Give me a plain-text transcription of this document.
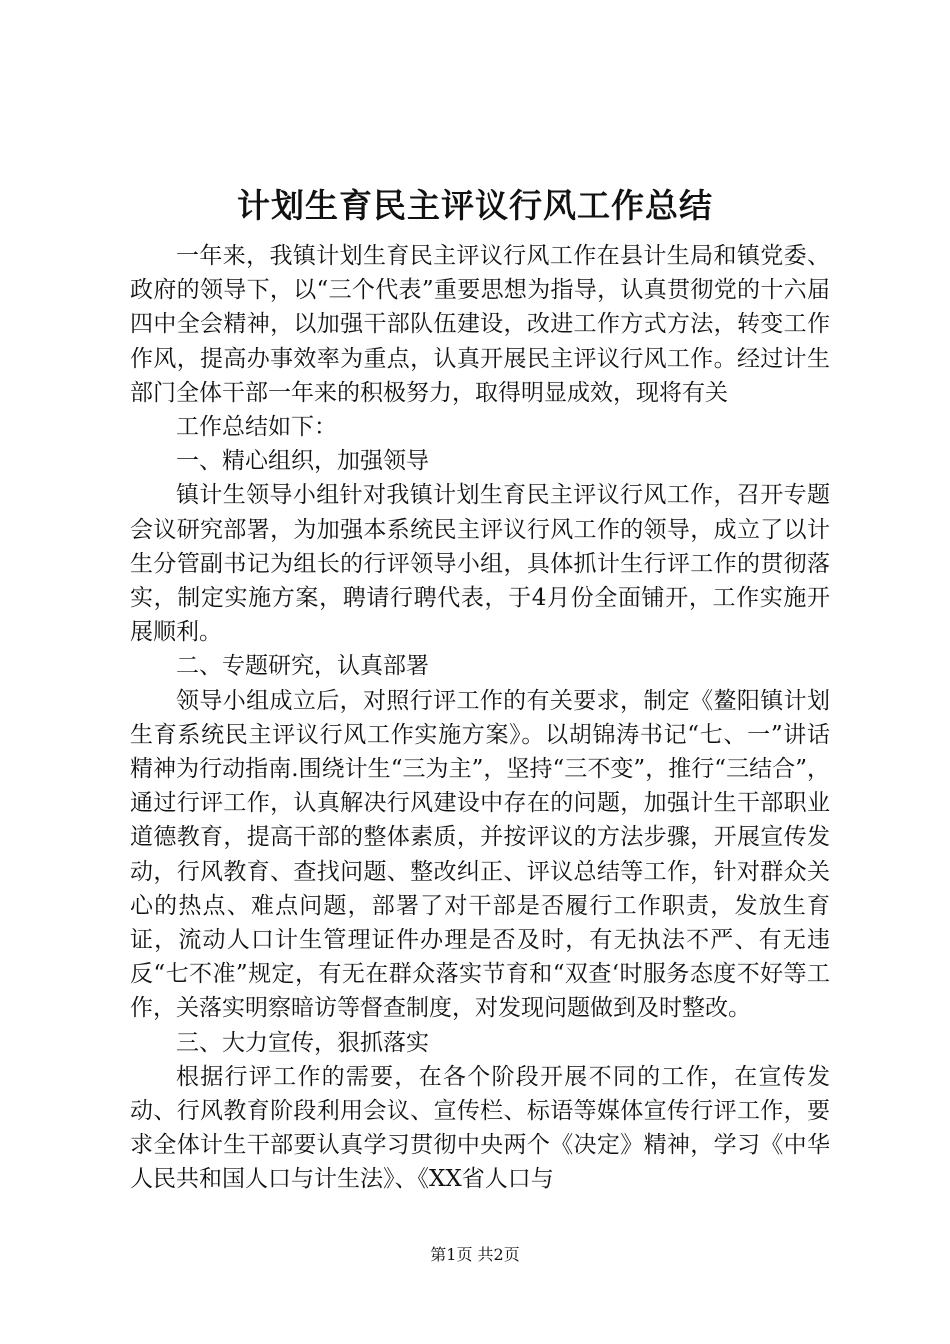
计划生育民主评议行风工作总结

一年来，我镇计划生育民主评议行风工作在县计生局和镇党委、政府的领导下，以“三个代表”重要思想为指导，认真贯彻党的十六届四中全会精神，以加强干部队伍建设，改进工作方式方法，转变工作作风，提高办事效率为重点，认真开展民主评议行风工作。经过计生部门全体干部一年来的积极努力，取得明显成效，现将有关

工作总结如下：

一、精心组织，加强领导

镇计生领导小组针对我镇计划生育民主评议行风工作，召开专题会议研究部署，为加强本系统民主评议行风工作的领导，成立了以计生分管副书记为组长的行评领导小组，具体抓计生行评工作的贯彻落实，制定实施方案，聘请行聘代表，于4月份全面铺开，工作实施开展顺利。

二、专题研究，认真部署

领导小组成立后，对照行评工作的有关要求，制定《鳌阳镇计划生育系统民主评议行风工作实施方案》。以胡锦涛书记“七、一”讲话精神为行动指南.围绕计生“三为主”，坚持“三不变”，推行“三结合”，通过行评工作，认真解决行风建设中存在的问题，加强计生干部职业道德教育，提高干部的整体素质，并按评议的方法步骤，开展宣传发动，行风教育、查找问题、整改纠正、评议总结等工作，针对群众关心的热点、难点问题，部署了对干部是否履行工作职责，发放生育证，流动人口计生管理证件办理是否及时，有无执法不严、有无违反“七不准”规定，有无在群众落实节育和“双查‘时服务态度不好等工作，关落实明察暗访等督查制度，对发现问题做到及时整改。

三、大力宣传，狠抓落实

根据行评工作的需要，在各个阶段开展不同的工作，在宣传发动、行风教育阶段利用会议、宣传栏、标语等媒体宣传行评工作，要求全体计生干部要认真学习贯彻中央两个《决定》精神，学习《中华人民共和国人口与计生法》、《XX省人口与

第1页 共2页
